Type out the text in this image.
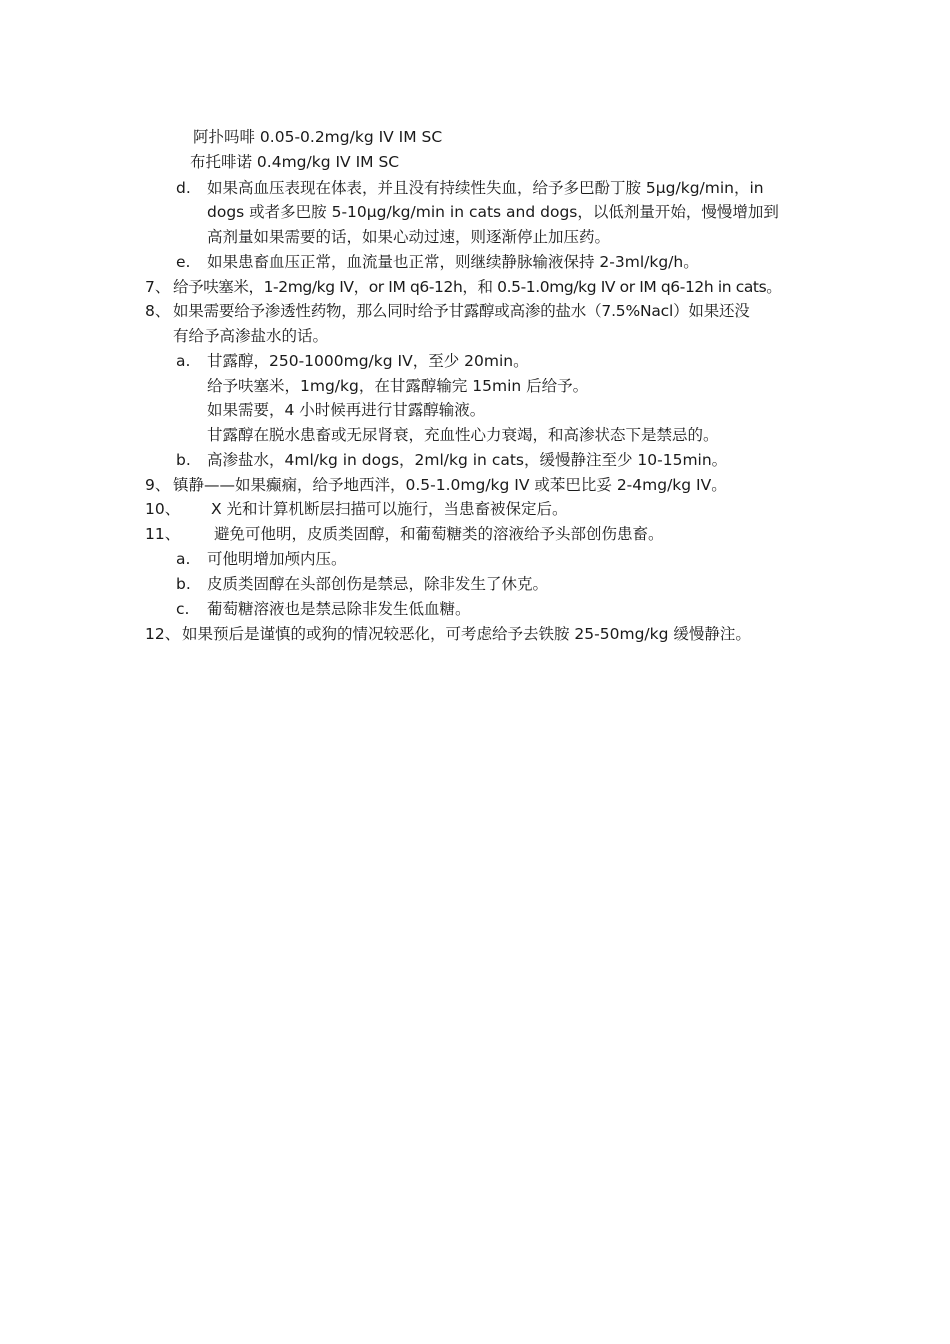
阿扑吗啡 0.05-0.2mg/kg IV IM SC
布托啡诺 0.4mg/kg IV IM SC
d. 如果高血压表现在体表，并且没有持续性失血，给予多巴酚丁胺 5μg/kg/min，in
dogs 或者多巴胺 5-10μg/kg/min in cats and dogs，以低剂量开始，慢慢增加到
高剂量如果需要的话，如果心动过速，则逐渐停止加压药。
e. 如果患畜血压正常，血流量也正常，则继续静脉输液保持 2-3ml/kg/h。
7、 给予呋塞米，1-2mg/kg IV，or IM q6-12h，和 0.5-1.0mg/kg IV or IM q6-12h in cats。
8、 如果需要给予渗透性药物，那么同时给予甘露醇或高渗的盐水（7.5%Nacl）如果还没
有给予高渗盐水的话。
a. 甘露醇，250-1000mg/kg IV，至少 20min。
给予呋塞米，1mg/kg，在甘露醇输完 15min 后给予。
如果需要，4 小时候再进行甘露醇输液。
甘露醇在脱水患畜或无尿肾衰，充血性心力衰竭，和高渗状态下是禁忌的。
b. 高渗盐水，4ml/kg in dogs，2ml/kg in cats，缓慢静注至少 10-15min。
9、 镇静——如果癫痫，给予地西泮，0.5-1.0mg/kg IV 或苯巴比妥 2-4mg/kg IV。
10、 X 光和计算机断层扫描可以施行，当患畜被保定后。
11、 避免可他明，皮质类固醇，和葡萄糖类的溶液给予头部创伤患畜。
a. 可他明增加颅内压。
b. 皮质类固醇在头部创伤是禁忌，除非发生了休克。
c. 葡萄糖溶液也是禁忌除非发生低血糖。
12、 如果预后是谨慎的或狗的情况较恶化，可考虑给予去铁胺 25-50mg/kg 缓慢静注。
